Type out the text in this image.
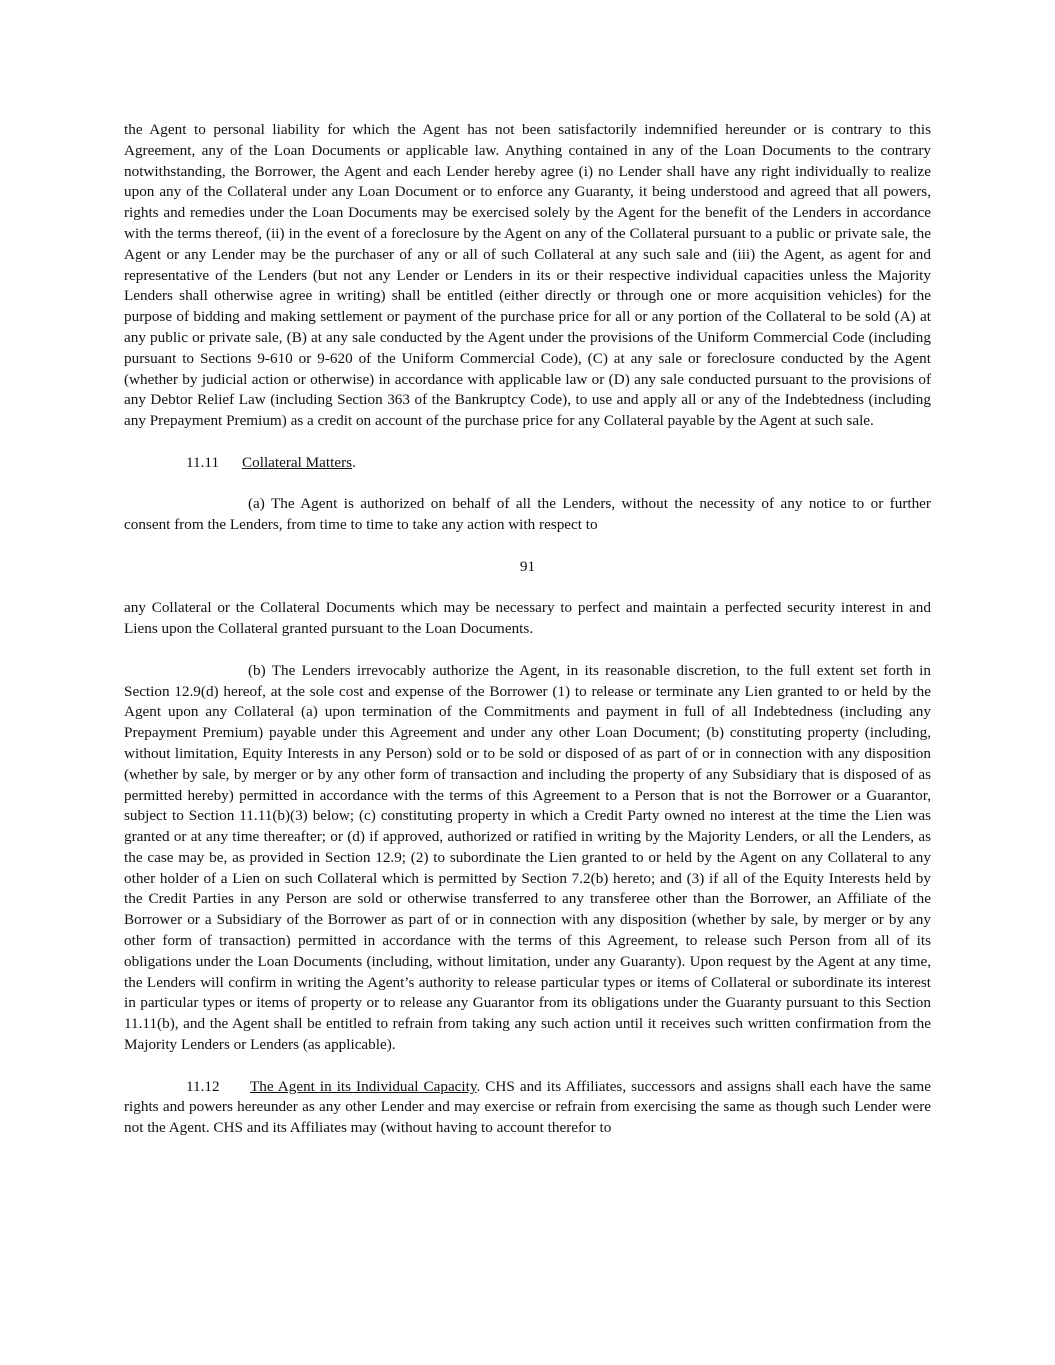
the Agent to personal liability for which the Agent has not been satisfactorily indemnified hereunder or is contrary to this Agreement, any of the Loan Documents or applicable law. Anything contained in any of the Loan Documents to the contrary notwithstanding, the Borrower, the Agent and each Lender hereby agree (i) no Lender shall have any right individually to realize upon any of the Collateral under any Loan Document or to enforce any Guaranty, it being understood and agreed that all powers, rights and remedies under the Loan Documents may be exercised solely by the Agent for the benefit of the Lenders in accordance with the terms thereof, (ii) in the event of a foreclosure by the Agent on any of the Collateral pursuant to a public or private sale, the Agent or any Lender may be the purchaser of any or all of such Collateral at any such sale and (iii) the Agent, as agent for and representative of the Lenders (but not any Lender or Lenders in its or their respective individual capacities unless the Majority Lenders shall otherwise agree in writing) shall be entitled (either directly or through one or more acquisition vehicles) for the purpose of bidding and making settlement or payment of the purchase price for all or any portion of the Collateral to be sold (A) at any public or private sale, (B) at any sale conducted by the Agent under the provisions of the Uniform Commercial Code (including pursuant to Sections 9-610 or 9-620 of the Uniform Commercial Code), (C) at any sale or foreclosure conducted by the Agent (whether by judicial action or otherwise) in accordance with applicable law or (D) any sale conducted pursuant to the provisions of any Debtor Relief Law (including Section 363 of the Bankruptcy Code), to use and apply all or any of the Indebtedness (including any Prepayment Premium) as a credit on account of the purchase price for any Collateral payable by the Agent at such sale.

11.11 Collateral Matters.

(a) The Agent is authorized on behalf of all the Lenders, without the necessity of any notice to or further consent from the Lenders, from time to time to take any action with respect to

91

any Collateral or the Collateral Documents which may be necessary to perfect and maintain a perfected security interest in and Liens upon the Collateral granted pursuant to the Loan Documents.

(b) The Lenders irrevocably authorize the Agent, in its reasonable discretion, to the full extent set forth in Section 12.9(d) hereof, at the sole cost and expense of the Borrower (1) to release or terminate any Lien granted to or held by the Agent upon any Collateral (a) upon termination of the Commitments and payment in full of all Indebtedness (including any Prepayment Premium) payable under this Agreement and under any other Loan Document; (b) constituting property (including, without limitation, Equity Interests in any Person) sold or to be sold or disposed of as part of or in connection with any disposition (whether by sale, by merger or by any other form of transaction and including the property of any Subsidiary that is disposed of as permitted hereby) permitted in accordance with the terms of this Agreement to a Person that is not the Borrower or a Guarantor, subject to Section 11.11(b)(3) below; (c) constituting property in which a Credit Party owned no interest at the time the Lien was granted or at any time thereafter; or (d) if approved, authorized or ratified in writing by the Majority Lenders, or all the Lenders, as the case may be, as provided in Section 12.9; (2) to subordinate the Lien granted to or held by the Agent on any Collateral to any other holder of a Lien on such Collateral which is permitted by Section 7.2(b) hereto; and (3) if all of the Equity Interests held by the Credit Parties in any Person are sold or otherwise transferred to any transferee other than the Borrower, an Affiliate of the Borrower or a Subsidiary of the Borrower as part of or in connection with any disposition (whether by sale, by merger or by any other form of transaction) permitted in accordance with the terms of this Agreement, to release such Person from all of its obligations under the Loan Documents (including, without limitation, under any Guaranty). Upon request by the Agent at any time, the Lenders will confirm in writing the Agent’s authority to release particular types or items of Collateral or subordinate its interest in particular types or items of property or to release any Guarantor from its obligations under the Guaranty pursuant to this Section 11.11(b), and the Agent shall be entitled to refrain from taking any such action until it receives such written confirmation from the Majority Lenders or Lenders (as applicable).

11.12 The Agent in its Individual Capacity. CHS and its Affiliates, successors and assigns shall each have the same rights and powers hereunder as any other Lender and may exercise or refrain from exercising the same as though such Lender were not the Agent. CHS and its Affiliates may (without having to account therefor to
